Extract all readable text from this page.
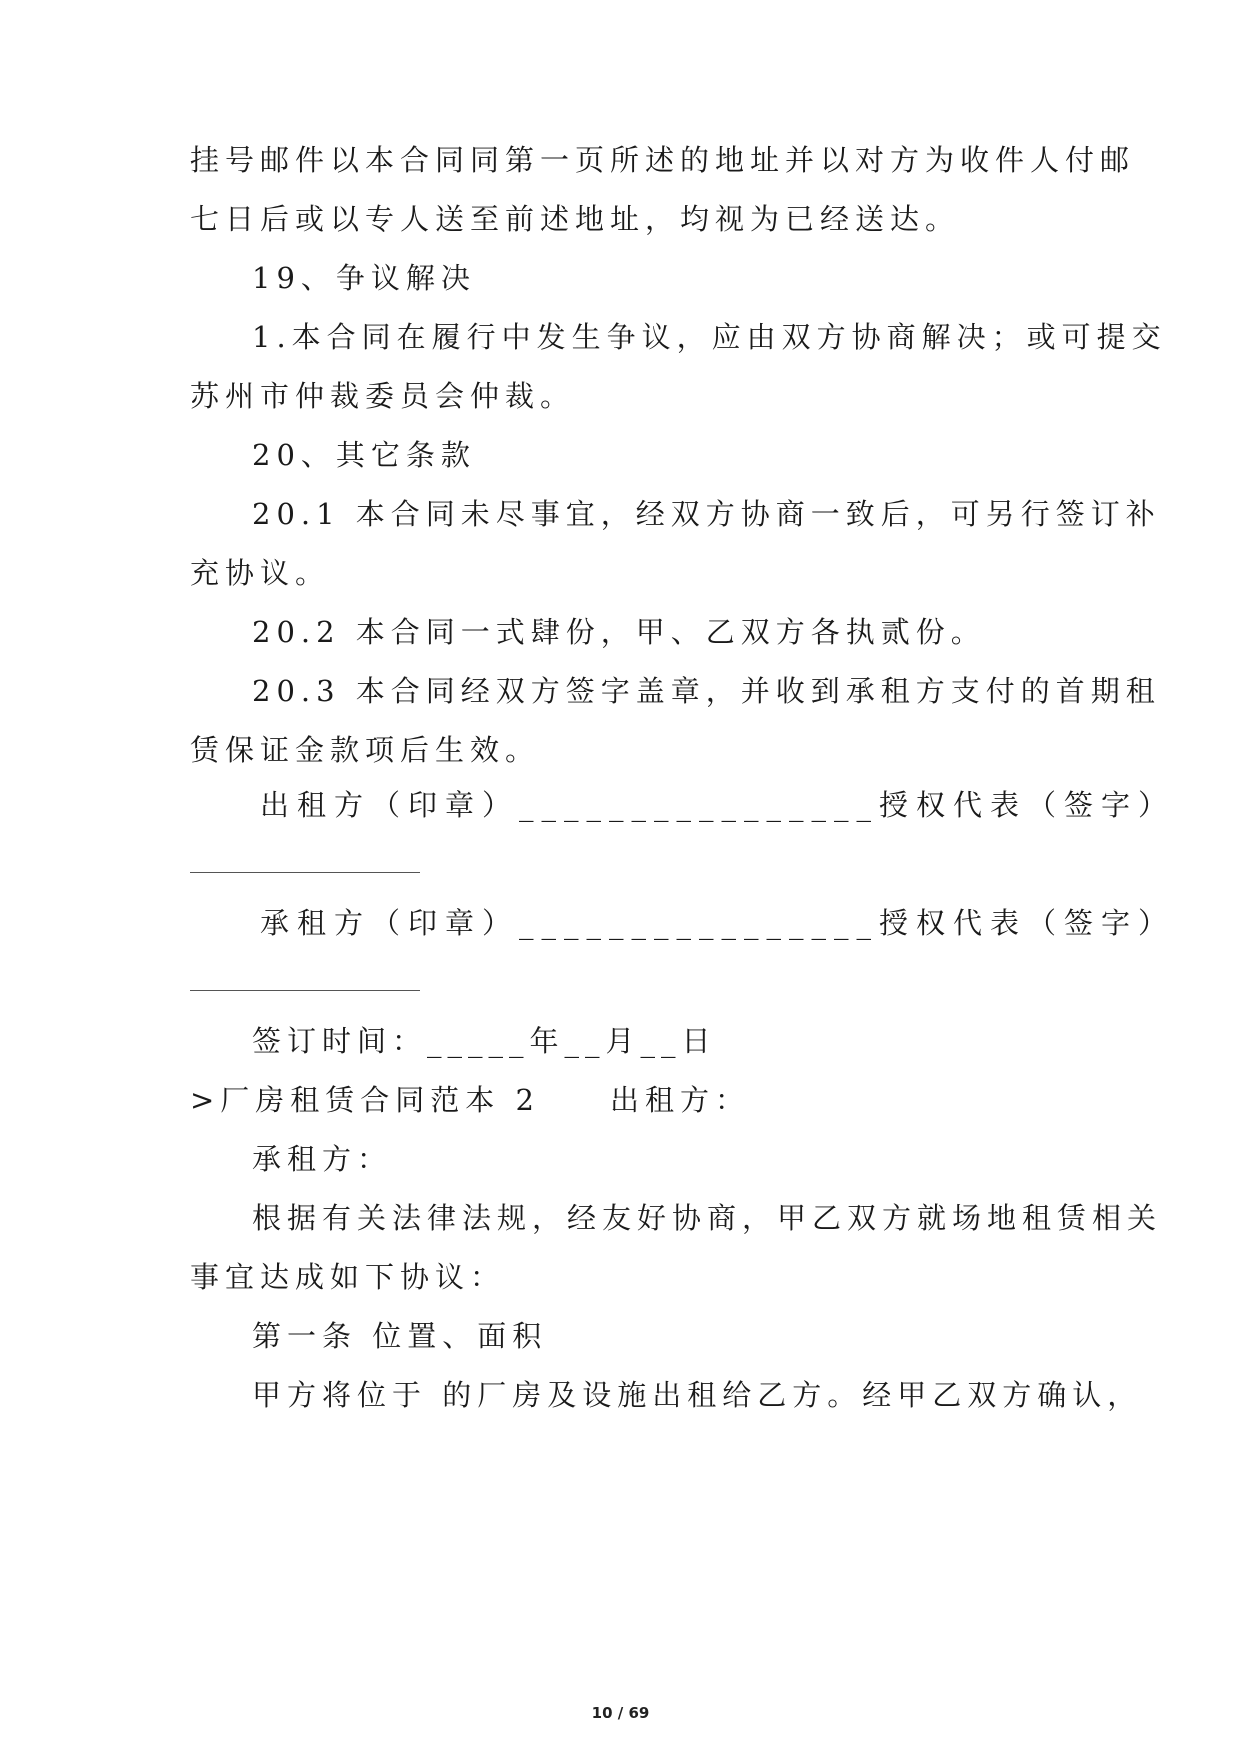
挂号邮件以本合同同第一页所述的地址并以对方为收件人付邮

七日后或以专人送至前述地址，均视为已经送达。

19、争议解决

1.本合同在履行中发生争议，应由双方协商解决；或可提交

苏州市仲裁委员会仲裁。

20、其它条款

20.1 本合同未尽事宜，经双方协商一致后，可另行签订补

充协议。

20.2 本合同一式肆份，甲、乙双方各执贰份。

20.3 本合同经双方签字盖章，并收到承租方支付的首期租

赁保证金款项后生效。

出租方（印章）________________授权代表（签字）

承租方（印章）________________授权代表（签字）

签订时间：_____年__月__日

>厂房租赁合同范本 2　　出租方：

承租方：

根据有关法律法规，经友好协商，甲乙双方就场地租赁相关

事宜达成如下协议：

第一条 位置、面积

甲方将位于 的厂房及设施出租给乙方。经甲乙双方确认，

10 / 69
